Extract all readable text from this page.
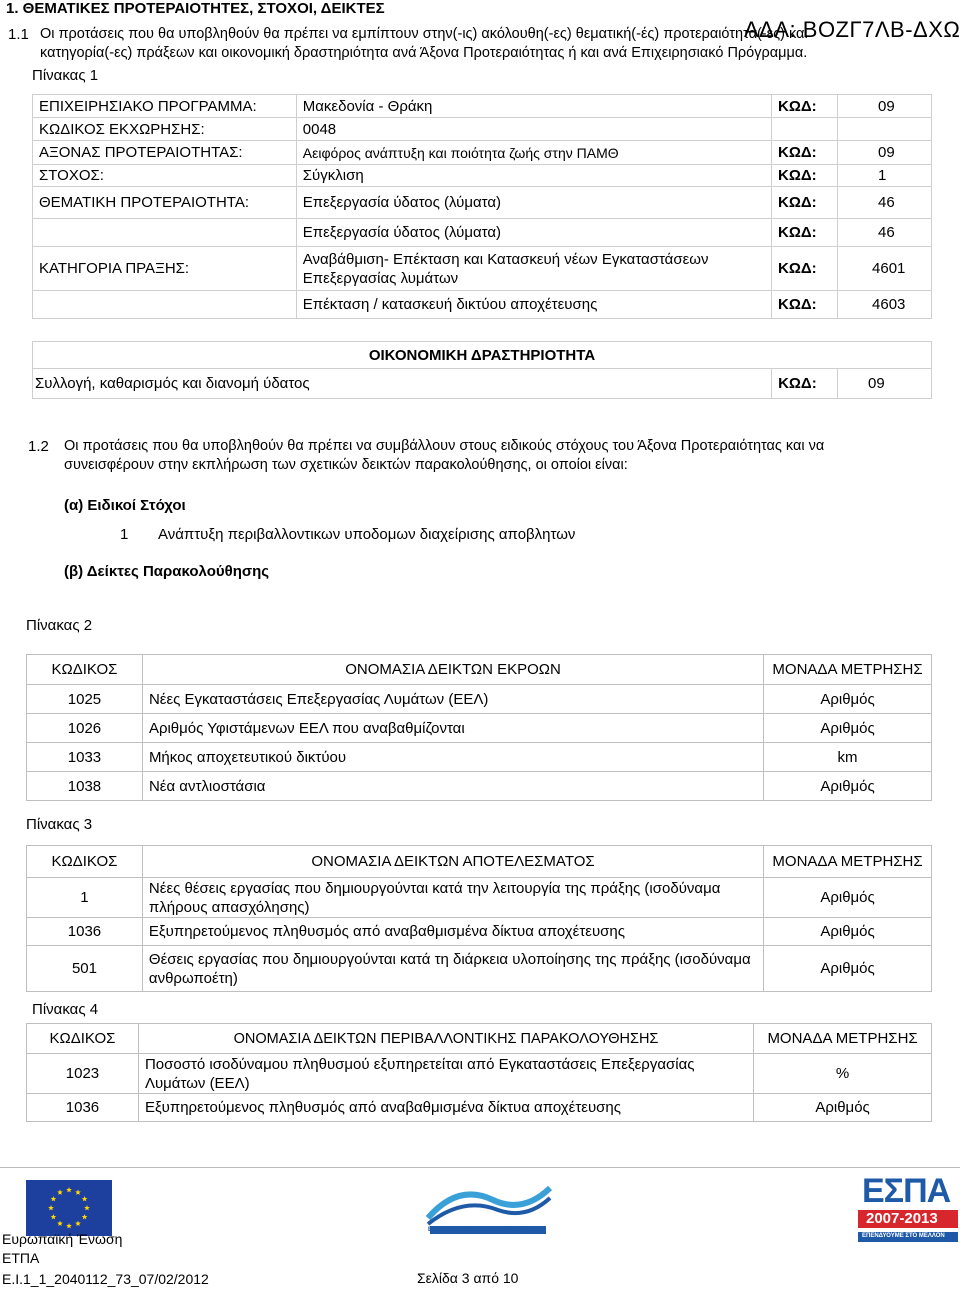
1. ΘΕΜΑΤΙΚΕΣ ΠΡΟΤΕΡΑΙΟΤΗΤΕΣ, ΣΤΟΧΟΙ, ΔΕΙΚΤΕΣ
ΑΔΑ: ΒΟΖΓ7ΛΒ-ΔΧΩ
1.1 Οι προτάσεις που θα υποβληθούν θα πρέπει να εμπίπτουν στην(-ις) ακόλουθη(-ες) θεματική(-ές) προτεραιότητα(-ες) και
κατηγορία(-ες) πράξεων και οικονομική δραστηριότητα ανά Άξονα Προτεραιότητας ή και ανά Επιχειρησιακό Πρόγραμμα.
Πίνακας 1
ΕΠΙΧΕΙΡΗΣΙΑΚΟ ΠΡΟΓΡΑΜΜΑ:	Μακεδονία - Θράκη	ΚΩΔ:	09
ΚΩΔΙΚΟΣ ΕΚΧΩΡΗΣΗΣ:	0048		
ΑΞΟΝΑΣ ΠΡΟΤΕΡΑΙΟΤΗΤΑΣ:	Αειφόρος ανάπτυξη και ποιότητα ζωής στην ΠΑΜΘ	ΚΩΔ:	09
ΣΤΟΧΟΣ:	Σύγκλιση	ΚΩΔ:	1
ΘΕΜΑΤΙΚΗ ΠΡΟΤΕΡΑΙΟΤΗΤΑ:	Επεξεργασία ύδατος (λύματα)	ΚΩΔ:	46
	Επεξεργασία ύδατος (λύματα)	ΚΩΔ:	46
ΚΑΤΗΓΟΡΙΑ ΠΡΑΞΗΣ:	Αναβάθμιση- Επέκταση και Κατασκευή νέων Εγκαταστάσεων Επεξεργασίας λυμάτων	ΚΩΔ:	4601
	Επέκταση / κατασκευή δικτύου αποχέτευσης	ΚΩΔ:	4603
ΟΙΚΟΝΟΜΙΚΗ ΔΡΑΣΤΗΡΙΟΤΗΤΑ
Συλλογή, καθαρισμός και διανομή ύδατος	ΚΩΔ:	09
1.2 Οι προτάσεις που θα υποβληθούν θα πρέπει να συμβάλλουν στους ειδικούς στόχους του Άξονα Προτεραιότητας και να
συνεισφέρουν στην εκπλήρωση των σχετικών δεικτών παρακολούθησης, οι οποίοι είναι:
(α) Ειδικοί Στόχοι
1 Ανάπτυξη περιβαλλοντικων υποδομων διαχείρισης αποβλητων
(β) Δείκτες Παρακολούθησης
Πίνακας 2
ΚΩΔΙΚΟΣ	ΟΝΟΜΑΣΙΑ ΔΕΙΚΤΩΝ ΕΚΡΟΩΝ	ΜΟΝΑΔΑ ΜΕΤΡΗΣΗΣ
1025	Νέες Εγκαταστάσεις Επεξεργασίας Λυμάτων (ΕΕΛ)	Αριθμός
1026	Αριθμός Υφιστάμενων ΕΕΛ που αναβαθμίζονται	Αριθμός
1033	Μήκος αποχετευτικού δικτύου	km
1038	Νέα αντλιοστάσια	Αριθμός
Πίνακας 3
ΚΩΔΙΚΟΣ	ΟΝΟΜΑΣΙΑ ΔΕΙΚΤΩΝ ΑΠΟΤΕΛΕΣΜΑΤΟΣ	ΜΟΝΑΔΑ ΜΕΤΡΗΣΗΣ
1	Νέες θέσεις εργασίας που δημιουργούνται κατά την λειτουργία της πράξης (ισοδύναμα πλήρους απασχόλησης)	Αριθμός
1036	Εξυπηρετούμενος πληθυσμός από αναβαθμισμένα δίκτυα αποχέτευσης	Αριθμός
501	Θέσεις εργασίας που δημιουργούνται κατά τη διάρκεια υλοποίησης της πράξης (ισοδύναμα ανθρωποέτη)	Αριθμός
Πίνακας 4
ΚΩΔΙΚΟΣ	ΟΝΟΜΑΣΙΑ ΔΕΙΚΤΩΝ ΠΕΡΙΒΑΛΛΟΝΤΙΚΗΣ ΠΑΡΑΚΟΛΟΥΘΗΣΗΣ	ΜΟΝΑΔΑ ΜΕΤΡΗΣΗΣ
1023	Ποσοστό ισοδύναμου πληθυσμού εξυπηρετείται από Εγκαταστάσεις Επεξεργασίας Λυμάτων (ΕΕΛ)	%
1036	Εξυπηρετούμενος πληθυσμός από αναβαθμισμένα δίκτυα αποχέτευσης	Αριθμός
Ευρωπαϊκή Ένωση
ΕΤΠΑ
ΕΝΔΙΑΜΕΣΗ ΔΙΑΧΕΙΡΙΣΤΙΚΗ ΑΡΧΗ
ΕΣΠΑ
2007-2013
ΕΠΕΝΔΥΟΥΜΕ ΣΤΟ ΜΕΛΛΟΝ
Ε.Ι.1_1_2040112_73_07/02/2012	Σελίδα 3 από 10
